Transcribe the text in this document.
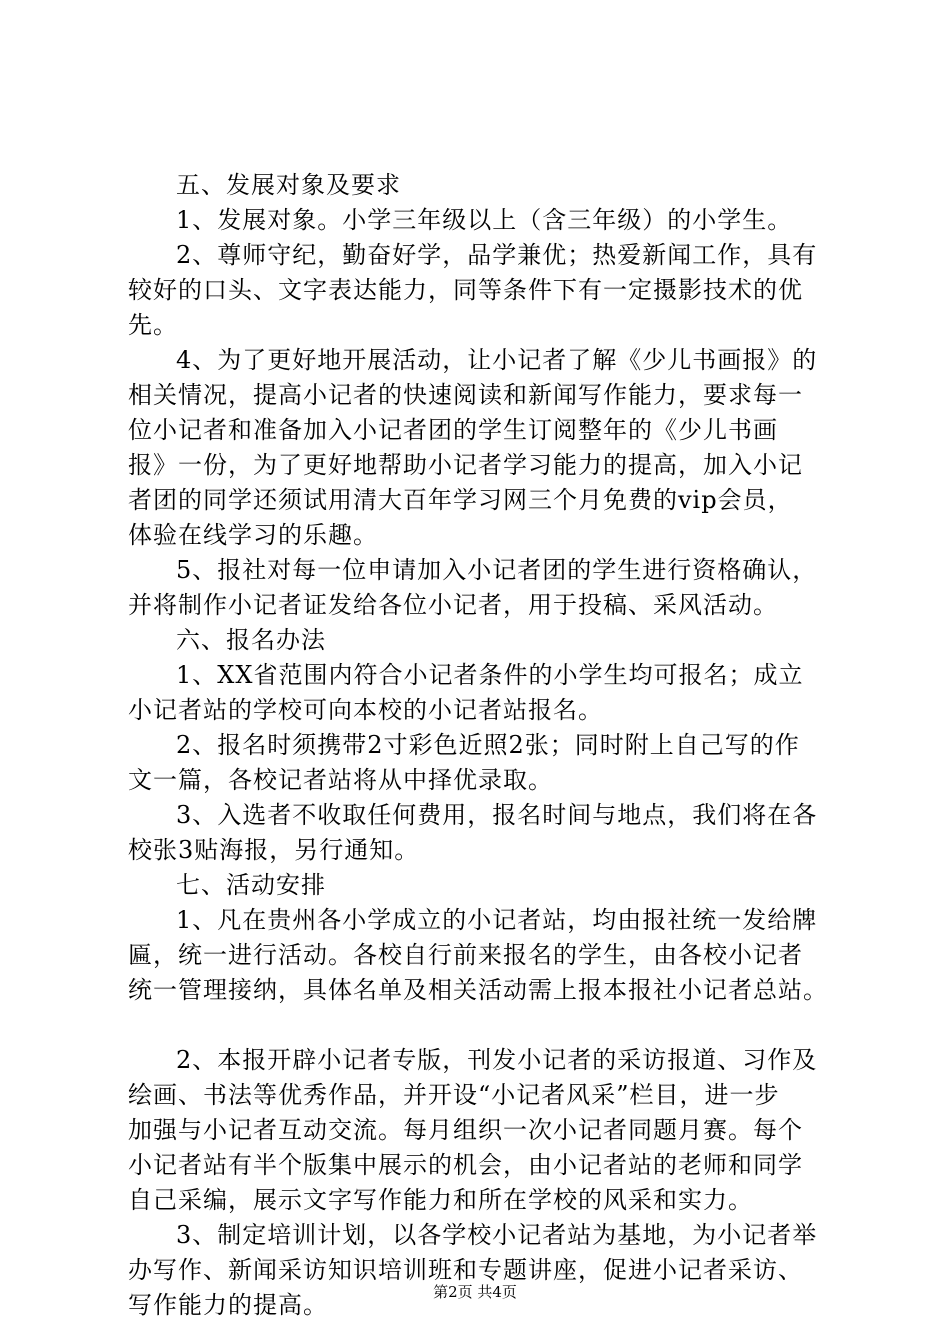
五、发展对象及要求

1、发展对象。小学三年级以上（含三年级）的小学生。

2、尊师守纪，勤奋好学，品学兼优；热爱新闻工作，具有

较好的口头、文字表达能力，同等条件下有一定摄影技术的优

先。

4、为了更好地开展活动，让小记者了解《少儿书画报》的

相关情况，提高小记者的快速阅读和新闻写作能力，要求每一

位小记者和准备加入小记者团的学生订阅整年的《少儿书画

报》一份，为了更好地帮助小记者学习能力的提高，加入小记

者团的同学还须试用清大百年学习网三个月免费的vip会员，

体验在线学习的乐趣。

5、报社对每一位申请加入小记者团的学生进行资格确认，

并将制作小记者证发给各位小记者，用于投稿、采风活动。

六、报名办法

1、XX省范围内符合小记者条件的小学生均可报名；成立

小记者站的学校可向本校的小记者站报名。

2、报名时须携带2寸彩色近照2张；同时附上自己写的作

文一篇，各校记者站将从中择优录取。

3、入选者不收取任何费用，报名时间与地点，我们将在各

校张3贴海报，另行通知。

七、活动安排

1、凡在贵州各小学成立的小记者站，均由报社统一发给牌

匾，统一进行活动。各校自行前来报名的学生，由各校小记者

统一管理接纳，具体名单及相关活动需上报本报社小记者总站。

2、本报开辟小记者专版，刊发小记者的采访报道、习作及

绘画、书法等优秀作品，并开设“小记者风采”栏目，进一步

加强与小记者互动交流。每月组织一次小记者同题月赛。每个

小记者站有半个版集中展示的机会，由小记者站的老师和同学

自己采编，展示文字写作能力和所在学校的风采和实力。

3、制定培训计划，以各学校小记者站为基地，为小记者举

办写作、新闻采访知识培训班和专题讲座，促进小记者采访、

写作能力的提高。	第2页 共4页
